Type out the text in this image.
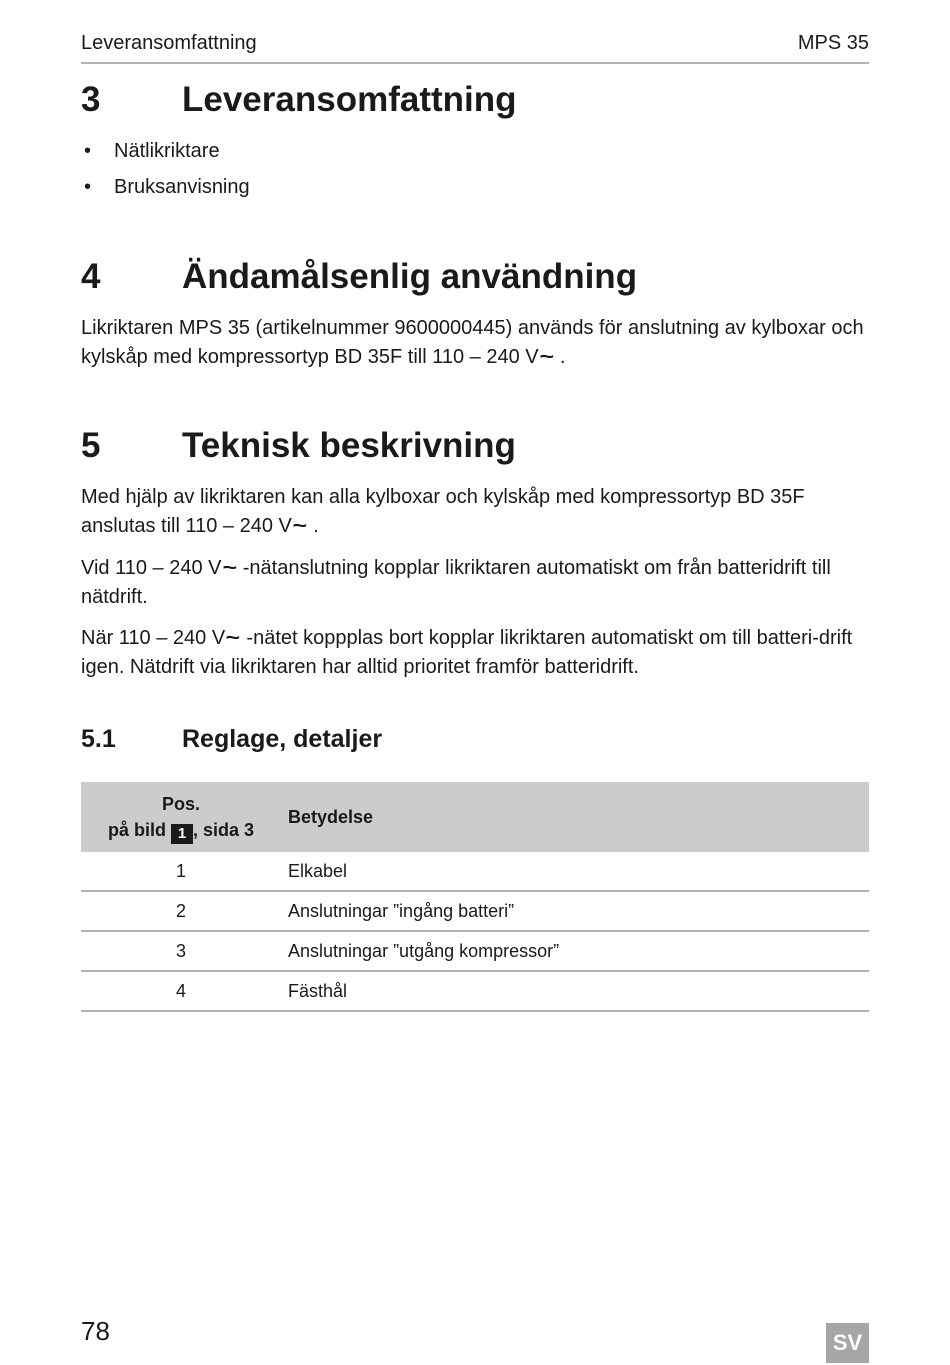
Leveransomfattning	MPS 35
3 Leveransomfattning
• Nätlikriktare
• Bruksanvisning
4 Ändamålsenlig användning

Likriktaren MPS 35 (artikelnummer 9600000445) används för anslutning av kylboxar och kylskåp med kompressortyp BD 35F till 110 – 240 V~ .

5 Teknisk beskrivning

Med hjälp av likriktaren kan alla kylboxar och kylskåp med kompressortyp BD 35F anslutas till 110 – 240 V~ .

Vid 110 – 240 V~ -nätanslutning kopplar likriktaren automatiskt om från batteridrift till nätdrift.

När 110 – 240 V~ -nätet koppplas bort kopplar likriktaren automatiskt om till batteri-drift igen. Nätdrift via likriktaren har alltid prioritet framför batteridrift.

5.1	Reglage, detaljer
Pos.
på bild 1 , sida 3	Betydelse
1	Elkabel
2	Anslutningar ”ingång batteri”
3	Anslutningar ”utgång kompressor”
4	Fästhål
78	SV
